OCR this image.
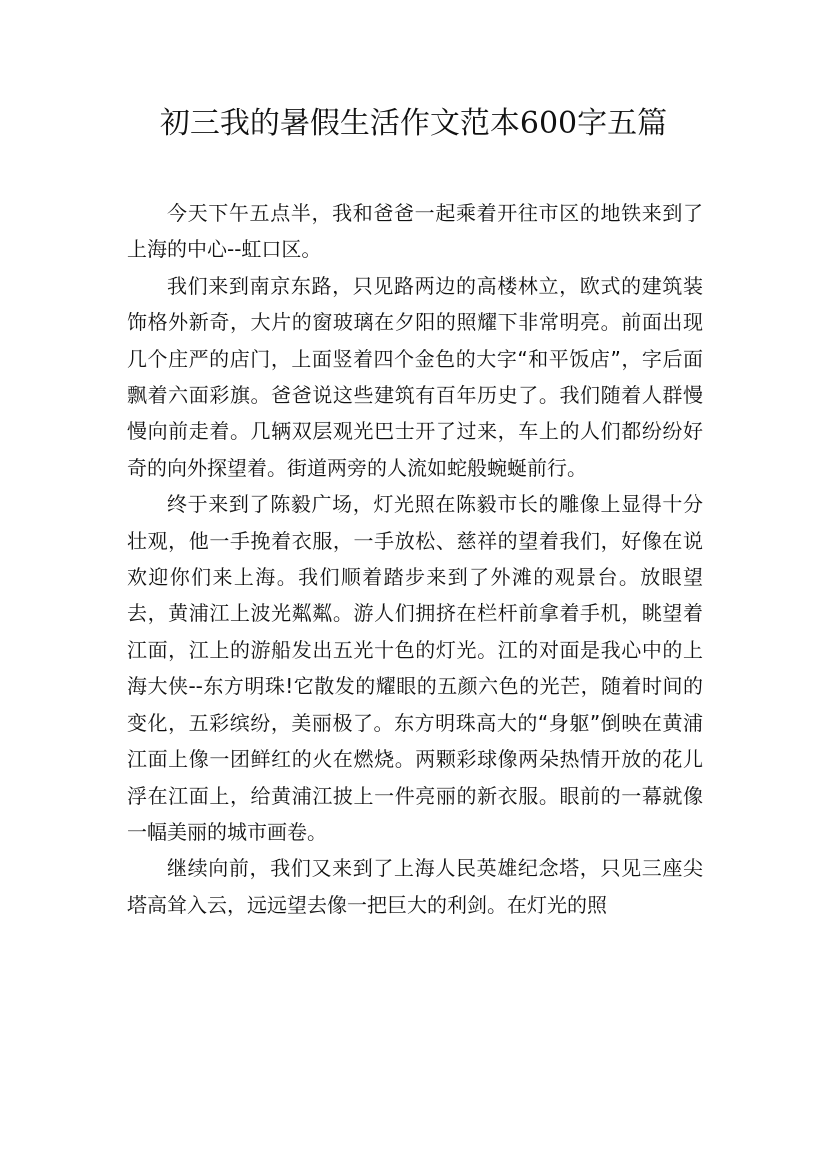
初三我的暑假生活作文范本600字五篇

今天下午五点半，我和爸爸一起乘着开往市区的地铁来到了上海的中心--虹口区。

我们来到南京东路，只见路两边的高楼林立，欧式的建筑装饰格外新奇，大片的窗玻璃在夕阳的照耀下非常明亮。前面出现几个庄严的店门，上面竖着四个金色的大字“和平饭店”，字后面飘着六面彩旗。爸爸说这些建筑有百年历史了。我们随着人群慢慢向前走着。几辆双层观光巴士开了过来，车上的人们都纷纷好奇的向外探望着。街道两旁的人流如蛇般蜿蜒前行。

终于来到了陈毅广场，灯光照在陈毅市长的雕像上显得十分壮观，他一手挽着衣服，一手放松、慈祥的望着我们，好像在说欢迎你们来上海。我们顺着踏步来到了外滩的观景台。放眼望去，黄浦江上波光粼粼。游人们拥挤在栏杆前拿着手机，眺望着江面，江上的游船发出五光十色的灯光。江的对面是我心中的上海大侠--东方明珠!它散发的耀眼的五颜六色的光芒，随着时间的变化，五彩缤纷，美丽极了。东方明珠高大的“身躯”倒映在黄浦江面上像一团鲜红的火在燃烧。两颗彩球像两朵热情开放的花儿浮在江面上，给黄浦江披上一件亮丽的新衣服。眼前的一幕就像一幅美丽的城市画卷。

继续向前，我们又来到了上海人民英雄纪念塔，只见三座尖塔高耸入云，远远望去像一把巨大的利剑。在灯光的照
